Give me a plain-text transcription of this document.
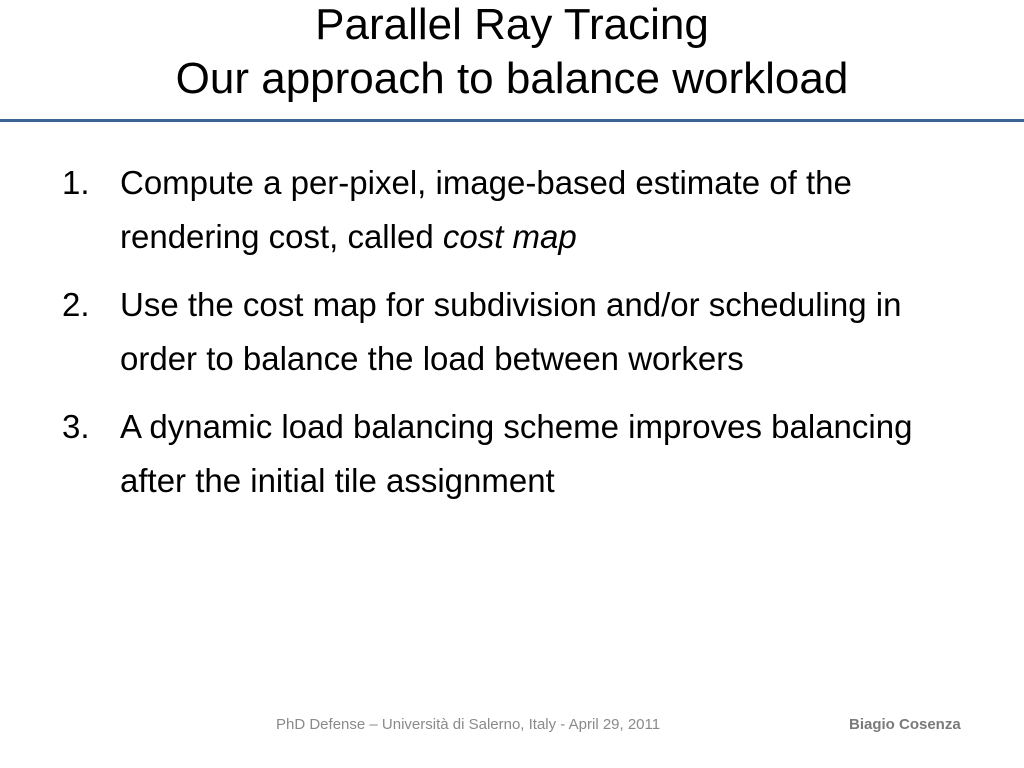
Parallel Ray Tracing
Our approach to balance workload
1. Compute a per-pixel, image-based estimate of the rendering cost, called cost map
2. Use the cost map for subdivision and/or scheduling in order to balance the load between workers
3. A dynamic load balancing scheme improves balancing after the initial tile assignment
PhD Defense – Università di Salerno, Italy - April 29, 2011	Biagio Cosenza
